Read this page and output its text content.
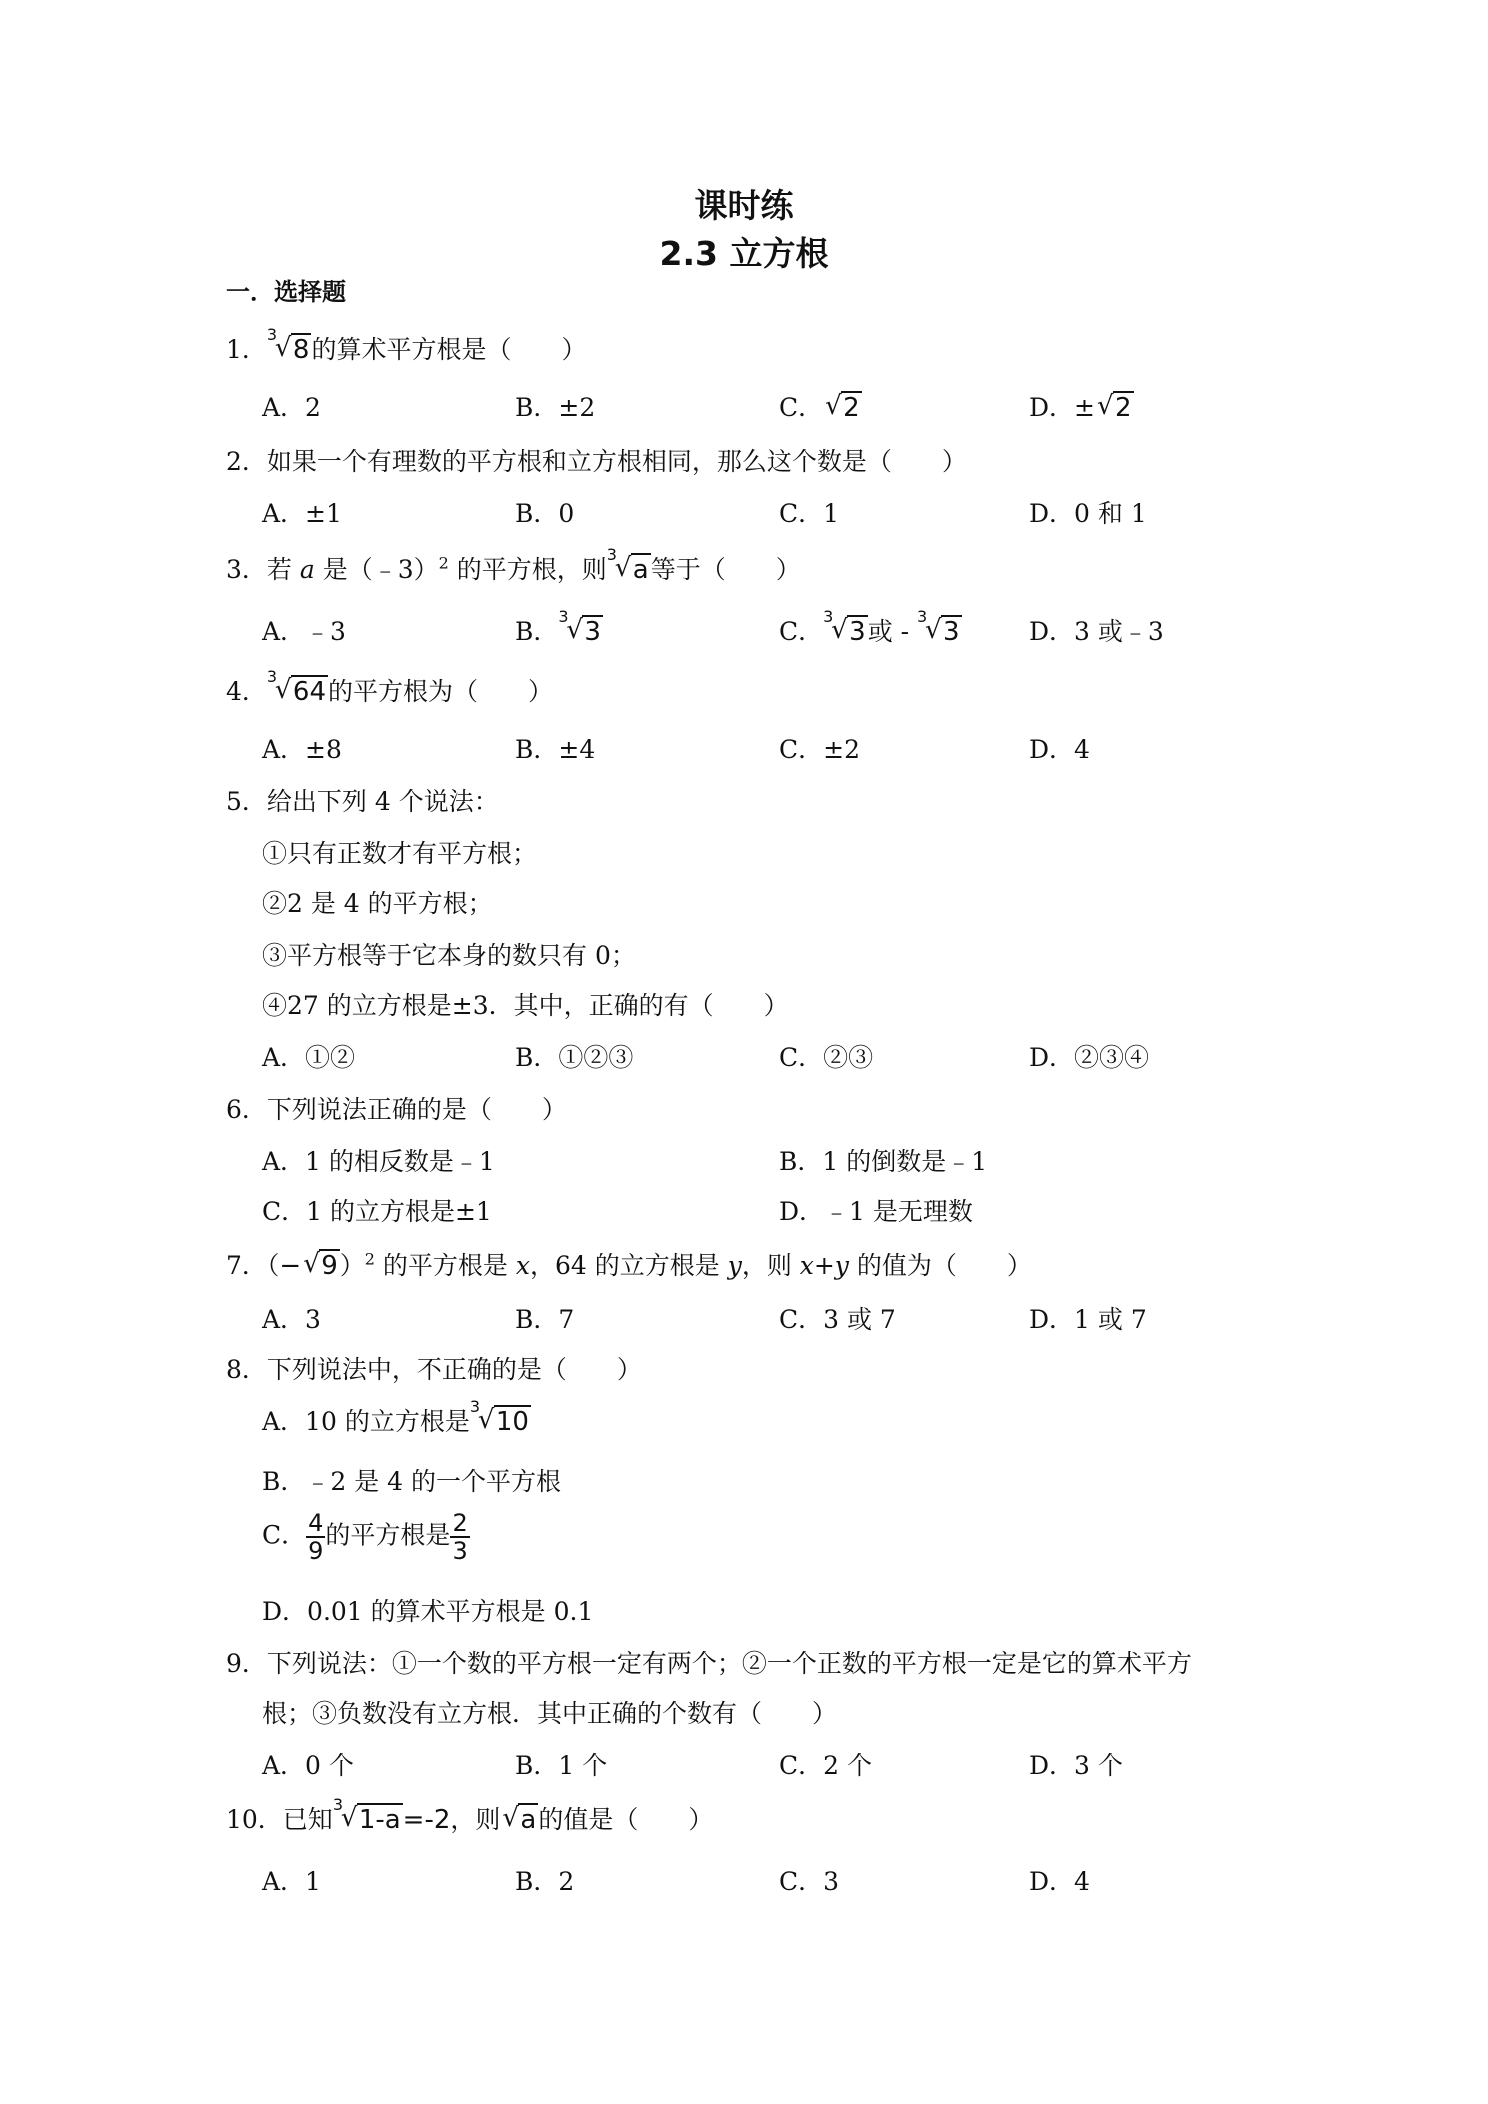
课时练
2.3 立方根
一．选择题
1．
3
√ 8的算术平方根是（　　）
A．2	B．±2	C． √ 2	D．± √ 2
2．如果一个有理数的平方根和立方根相同，那么这个数是（　　）
A．±1	B．0	C．1	D．0 和 1
3．若 a 是（﹣3）$^2$ 的平方根，则
3
√ a等于（　　）
A．﹣3	B．
3
√ 3	C．
3
√ 3或 -
3
√ 3	D．3 或﹣3
4．
3
√ 64的平方根为（　　）
A．±8	B．±4	C．±2	D．4
5．给出下列 4 个说法：
①只有正数才有平方根；
②2 是 4 的平方根；
③平方根等于它本身的数只有 0；
④27 的立方根是±3．其中，正确的有（　　）
A．①②	B．①②③	C．②③	D．②③④
6．下列说法正确的是（　　）
A．1 的相反数是﹣1	B．1 的倒数是﹣1
C．1 的立方根是±1	D．﹣1 是无理数
7．（− √ 9）$^2$ 的平方根是 x，64 的立方根是 y，则 x+y 的值为（　　）
A．3	B．7	C．3 或 7	D．1 或 7
8．下列说法中，不正确的是（　　）
A．10 的立方根是
3
√ 10
B．﹣2 是 4 的一个平方根
C． $\frac{4}{9}$ 的平方根是 $\frac{2}{3}$
D．0.01 的算术平方根是 0.1
9．下列说法：①一个数的平方根一定有两个；②一个正数的平方根一定是它的算术平方
根；③负数没有立方根．其中正确的个数有（　　）
A．0 个	B．1 个	C．2 个	D．3 个
10．已知
3
√ 1-a=-2，则 √ a的值是（　　）
A．1	B．2	C．3	D．4
